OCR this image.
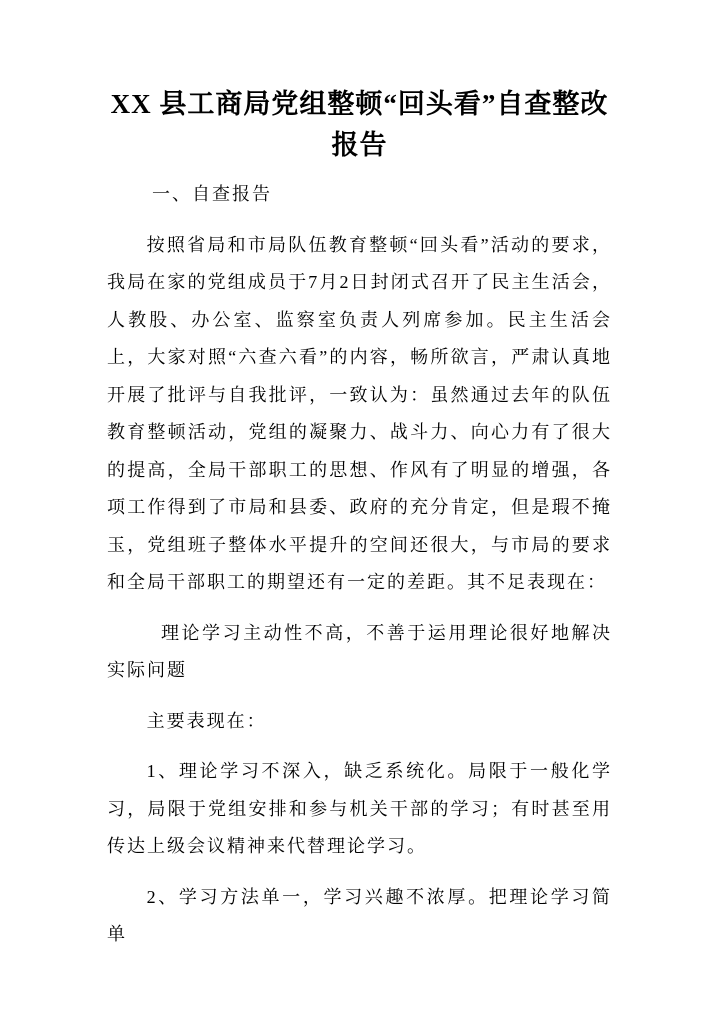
XX 县工商局党组整顿“回头看”自查整改报告
一、自查报告

按照省局和市局队伍教育整顿“回头看”活动的要求，我局在家的党组成员于7月2日封闭式召开了民主生活会，人教股、办公室、监察室负责人列席参加。民主生活会上，大家对照“六查六看”的内容，畅所欲言，严肃认真地开展了批评与自我批评，一致认为：虽然通过去年的队伍教育整顿活动，党组的凝聚力、战斗力、向心力有了很大的提高，全局干部职工的思想、作风有了明显的增强，各项工作得到了市局和县委、政府的充分肯定，但是瑕不掩玉，党组班子整体水平提升的空间还很大，与市局的要求和全局干部职工的期望还有一定的差距。其不足表现在：

理论学习主动性不高，不善于运用理论很好地解决实际问题

主要表现在：

1、理论学习不深入，缺乏系统化。局限于一般化学习，局限于党组安排和参与机关干部的学习；有时甚至用传达上级会议精神来代替理论学习。

2、学习方法单一，学习兴趣不浓厚。把理论学习简单
